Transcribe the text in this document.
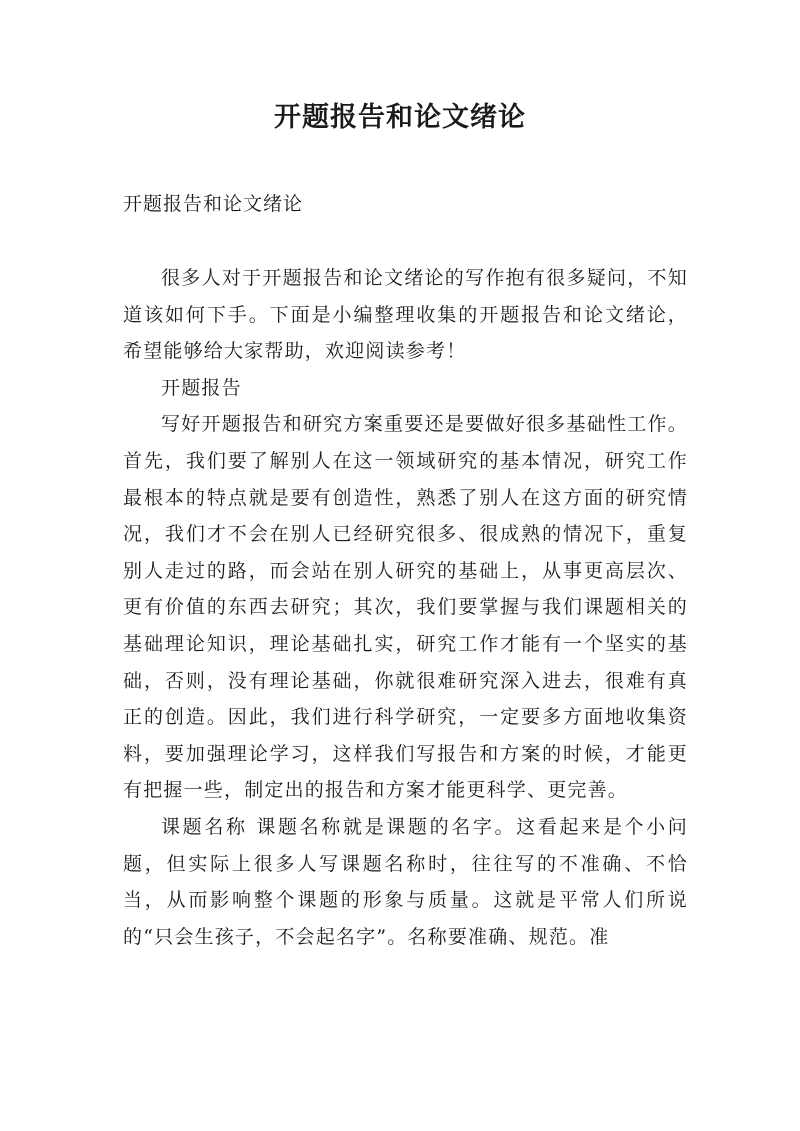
开题报告和论文绪论
开题报告和论文绪论

很多人对于开题报告和论文绪论的写作抱有很多疑问，不知道该如何下手。下面是小编整理收集的开题报告和论文绪论，希望能够给大家帮助，欢迎阅读参考！

开题报告

写好开题报告和研究方案重要还是要做好很多基础性工作。首先，我们要了解别人在这一领域研究的基本情况，研究工作最根本的特点就是要有创造性，熟悉了别人在这方面的研究情况，我们才不会在别人已经研究很多、很成熟的情况下，重复别人走过的路，而会站在别人研究的基础上，从事更高层次、更有价值的东西去研究；其次，我们要掌握与我们课题相关的基础理论知识，理论基础扎实，研究工作才能有一个坚实的基础，否则，没有理论基础，你就很难研究深入进去，很难有真正的创造。因此，我们进行科学研究，一定要多方面地收集资料，要加强理论学习，这样我们写报告和方案的时候，才能更有把握一些，制定出的报告和方案才能更科学、更完善。

课题名称 课题名称就是课题的名字。这看起来是个小问题，但实际上很多人写课题名称时，往往写的不准确、不恰当，从而影响整个课题的形象与质量。这就是平常人们所说的“只会生孩子，不会起名字”。名称要准确、规范。准
